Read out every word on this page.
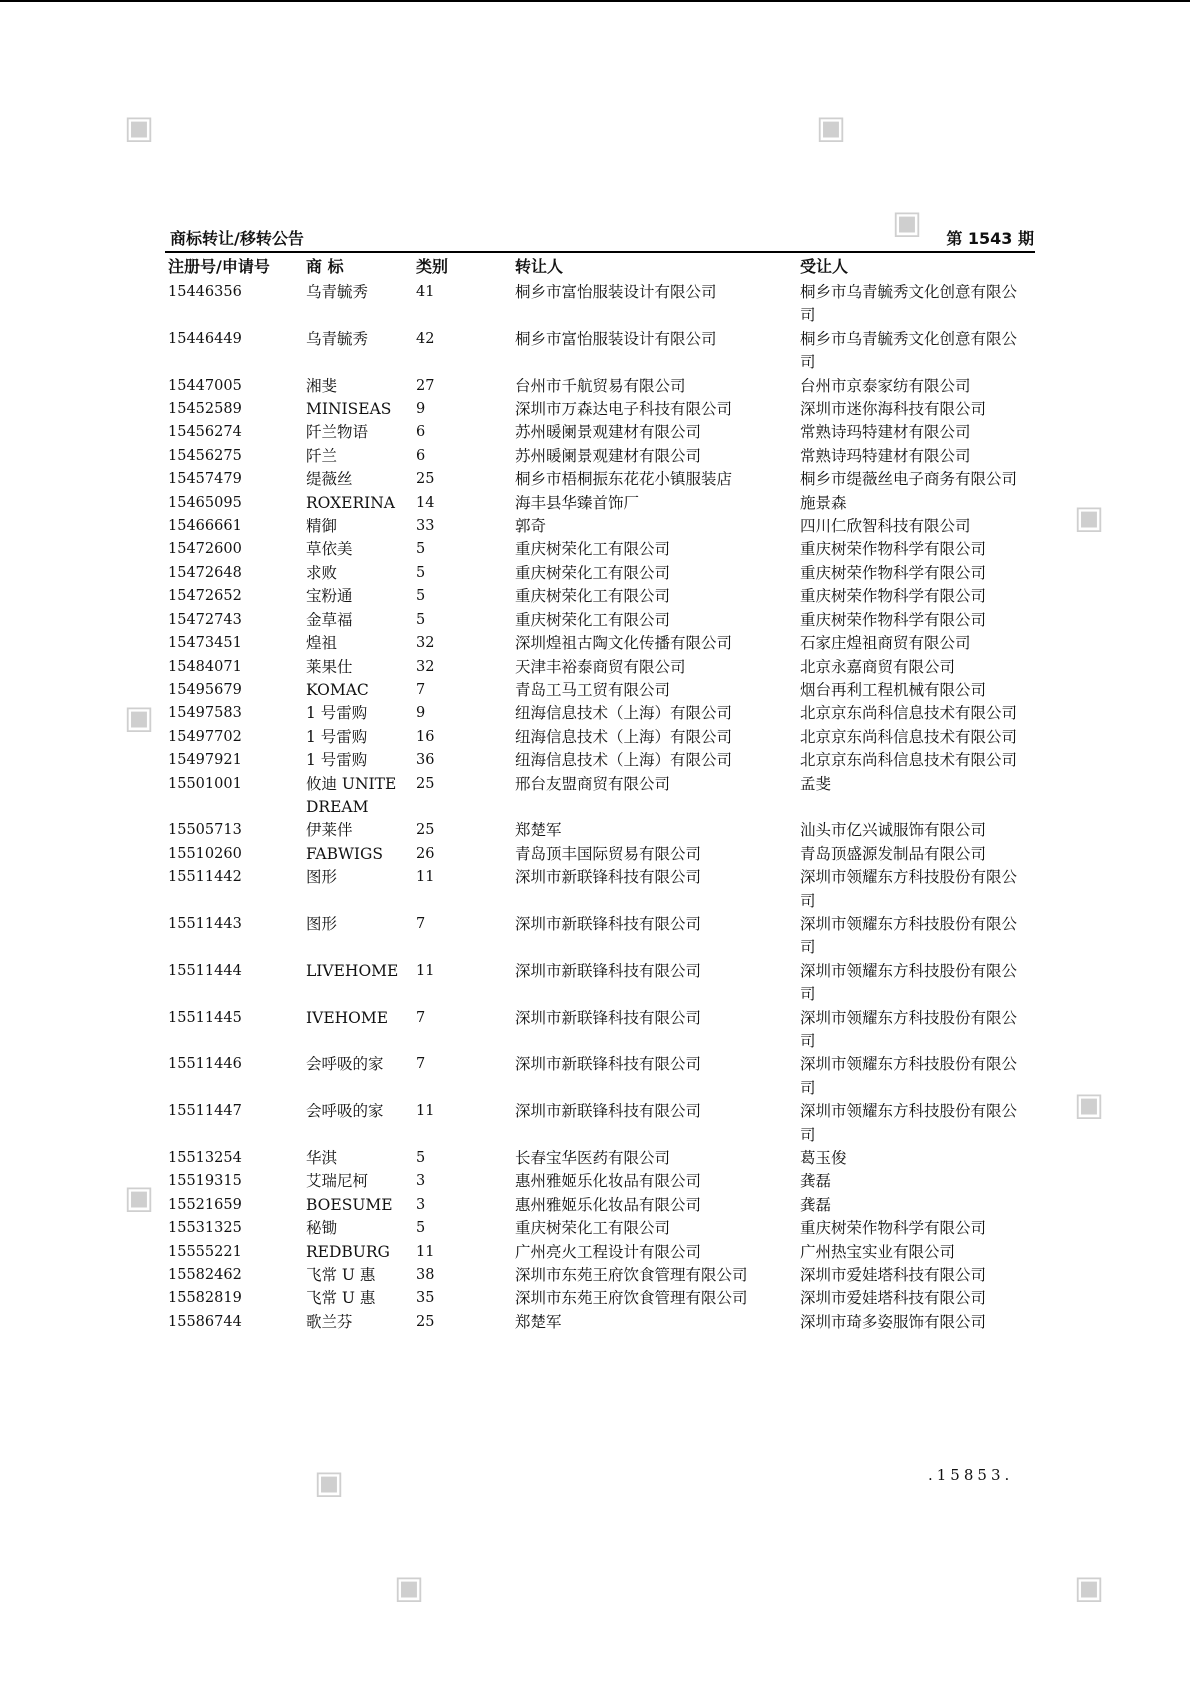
商标转让/移转公告	第 1543 期
注册号/申请号	商 标	类别	转让人	受让人
15446356	乌青毓秀	41	桐乡市富怡服装设计有限公司	桐乡市乌青毓秀文化创意有限公司
15446449	乌青毓秀	42	桐乡市富怡服装设计有限公司	桐乡市乌青毓秀文化创意有限公司
15447005	湘斐	27	台州市千航贸易有限公司	台州市京泰家纺有限公司
15452589	MINISEAS	9	深圳市万森达电子科技有限公司	深圳市迷你海科技有限公司
15456274	阡兰物语	6	苏州暖阑景观建材有限公司	常熟诗玛特建材有限公司
15456275	阡兰	6	苏州暖阑景观建材有限公司	常熟诗玛特建材有限公司
15457479	缇薇丝	25	桐乡市梧桐振东花花小镇服装店	桐乡市缇薇丝电子商务有限公司
15465095	ROXERINA	14	海丰县华臻首饰厂	施景森
15466661	精御	33	郭奇	四川仁欣智科技有限公司
15472600	草依美	5	重庆树荣化工有限公司	重庆树荣作物科学有限公司
15472648	求败	5	重庆树荣化工有限公司	重庆树荣作物科学有限公司
15472652	宝粉通	5	重庆树荣化工有限公司	重庆树荣作物科学有限公司
15472743	金草福	5	重庆树荣化工有限公司	重庆树荣作物科学有限公司
15473451	煌祖	32	深圳煌祖古陶文化传播有限公司	石家庄煌祖商贸有限公司
15484071	莱果仕	32	天津丰裕泰商贸有限公司	北京永嘉商贸有限公司
15495679	KOMAC	7	青岛工马工贸有限公司	烟台再利工程机械有限公司
15497583	1 号雷购	9	纽海信息技术（上海）有限公司	北京京东尚科信息技术有限公司
15497702	1 号雷购	16	纽海信息技术（上海）有限公司	北京京东尚科信息技术有限公司
15497921	1 号雷购	36	纽海信息技术（上海）有限公司	北京京东尚科信息技术有限公司
15501001	攸迪 UNITE DREAM	25	邢台友盟商贸有限公司	孟斐
15505713	伊莱伴	25	郑楚军	汕头市亿兴诚服饰有限公司
15510260	FABWIGS	26	青岛顶丰国际贸易有限公司	青岛顶盛源发制品有限公司
15511442	图形	11	深圳市新联锋科技有限公司	深圳市领耀东方科技股份有限公司
15511443	图形	7	深圳市新联锋科技有限公司	深圳市领耀东方科技股份有限公司
15511444	LIVEHOME	11	深圳市新联锋科技有限公司	深圳市领耀东方科技股份有限公司
15511445	IVEHOME	7	深圳市新联锋科技有限公司	深圳市领耀东方科技股份有限公司
15511446	会呼吸的家	7	深圳市新联锋科技有限公司	深圳市领耀东方科技股份有限公司
15511447	会呼吸的家	11	深圳市新联锋科技有限公司	深圳市领耀东方科技股份有限公司
15513254	华淇	5	长春宝华医药有限公司	葛玉俊
15519315	艾瑞尼柯	3	惠州雅姬乐化妆品有限公司	龚磊
15521659	BOESUME	3	惠州雅姬乐化妆品有限公司	龚磊
15531325	秘锄	5	重庆树荣化工有限公司	重庆树荣作物科学有限公司
15555221	REDBURG	11	广州亮火工程设计有限公司	广州热宝实业有限公司
15582462	飞常 U 惠	38	深圳市东苑王府饮食管理有限公司	深圳市爱娃塔科技有限公司
15582819	飞常 U 惠	35	深圳市东苑王府饮食管理有限公司	深圳市爱娃塔科技有限公司
15586744	歌兰芬	25	郑楚军	深圳市琦多姿服饰有限公司
.15853.
▣	▣
▣
▣
▣
▣
▣
▣
▣	▣
